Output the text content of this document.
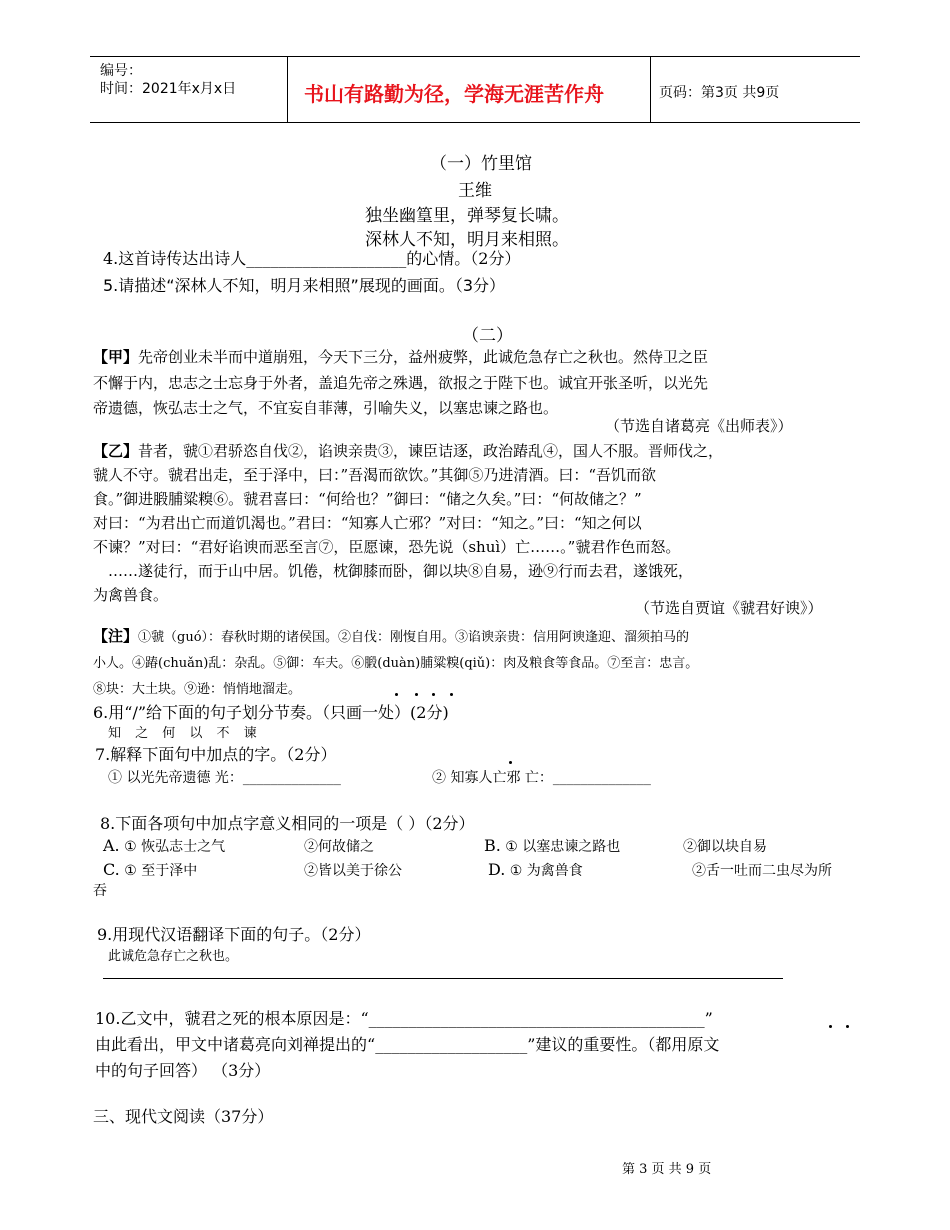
编号：
时间：2021年x月x日	书山有路勤为径，学海无涯苦作舟	页码：第3页 共9页
（一）竹里馆
王维
独坐幽篁里，弹琴复长啸。
深林人不知，明月来相照。
4.这首诗传达出诗人____________________的心情。（2分）
5.请描述“深林人不知，明月来相照”展现的画面。（3分）
（二）
【甲】先帝创业未半而中道崩殂，今天下三分，益州疲弊，此诚危急存亡之秋也。然侍卫之臣
不懈于内，忠志之士忘身于外者，盖追先帝之殊遇，欲报之于陛下也。诚宜开张圣听，以光先
帝遗德，恢弘志士之气，不宜妄自菲薄，引喻失义，以塞忠谏之路也。
（节选自诸葛亮《出师表》）
【乙】昔者，虢①君骄恣自伐②，谄谀亲贵③，谏臣诘逐，政治踳乱④，国人不服。晋师伐之，
虢人不守。虢君出走，至于泽中，曰：”吾渴而欲饮。”其御⑤乃进清酒。曰：“吾饥而欲
食。”御进腶脯粱糗⑥。虢君喜曰：“何给也？”御曰：“储之久矣。”曰：“何故储之？”
对曰：“为君出亡而道饥渴也。”君曰：“知寡人亡邪？”对曰：“知之。”曰：“知之何以
不谏？”对曰：“君好谄谀而恶至言⑦，臣愿谏，恐先说（shuì）亡……。”虢君作色而怒。
……遂徒行，而于山中居。饥倦，枕御膝而卧，御以块⑧自易，逊⑨行而去君，遂饿死，
为禽兽食。
（节选自贾谊《虢君好谀》）
【注】①虢（guó）：春秋时期的诸侯国。②自伐：刚愎自用。③谄谀亲贵：信用阿谀逢迎、溜须拍马的
小人。④踳(chuǎn)乱：杂乱。⑤御：车夫。⑥腶(duàn)脯粱糗(qiǔ)：肉及粮食等食品。⑦至言：忠言。
⑧块：大土块。⑨逊：悄悄地溜走。
6.用“/”给下面的句子划分节奏。（只画一处）(2分)
知 之 何 以 不 谏
7.解释下面句中加点的字。（2分）
① 以光先帝遗德 光：______________	② 知寡人亡邪 亡：______________
8.下面各项句中加点字意义相同的一项是（ ）（2分）
A. ① 恢弘志士之气	②何故储之	B. ① 以塞忠谏之路也	②御以块自易
C. ① 至于泽中	②皆以美于徐公	D. ① 为禽兽食	②舌一吐而二虫尽为所
吞
9.用现代汉语翻译下面的句子。（2分）
此诚危急存亡之秋也。
10.乙文中，虢君之死的根本原因是：“__________________________________________”
由此看出，甲文中诸葛亮向刘禅提出的“___________________”建议的重要性。（都用原文
中的句子回答） （3分）
三、现代文阅读（37分）
第 3 页 共 9 页
